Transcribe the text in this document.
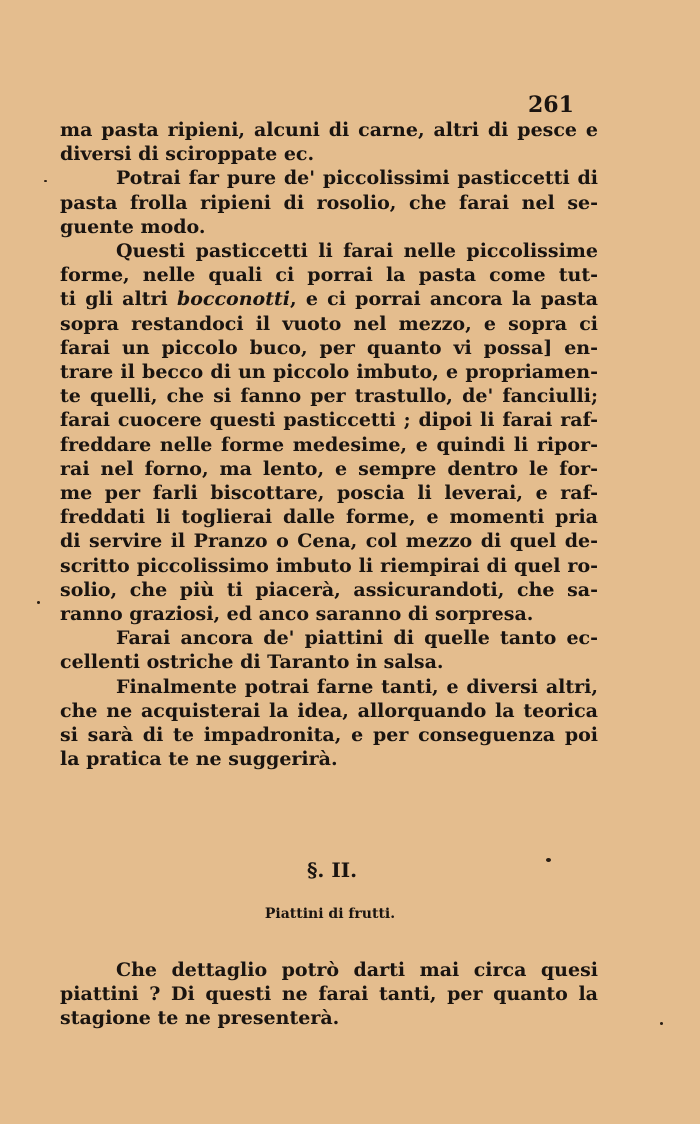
261
ma pasta ripieni, alcuni di carne, altri di pesce e
diversi di sciroppate ec.
Potrai far pure de' piccolissimi pasticcetti di
pasta frolla ripieni di rosolio, che farai nel se-
guente modo.
Questi pasticcetti li farai nelle piccolissime
forme, nelle quali ci porrai la pasta come tut-
ti gli altri bocconotti, e ci porrai ancora la pasta
sopra restandoci il vuoto nel mezzo, e sopra ci
farai un piccolo buco, per quanto vi possa] en-
trare il becco di un piccolo imbuto, e propriamen-
te quelli, che si fanno per trastullo, de' fanciulli;
farai cuocere questi pasticcetti ; dipoi li farai raf-
freddare nelle forme medesime, e quindi li ripor-
rai nel forno, ma lento, e sempre dentro le for-
me per farli biscottare, poscia li leverai, e raf-
freddati li toglierai dalle forme, e momenti pria
di servire il Pranzo o Cena, col mezzo di quel de-
scritto piccolissimo imbuto li riempirai di quel ro-
solio, che più ti piacerà, assicurandoti, che sa-
ranno graziosi, ed anco saranno di sorpresa.
Farai ancora de' piattini di quelle tanto ec-
cellenti ostriche di Taranto in salsa.
Finalmente potrai farne tanti, e diversi altri,
che ne acquisterai la idea, allorquando la teorica
si sarà di te impadronita, e per conseguenza poi
la pratica te ne suggerirà.
§. II.
Piattini di frutti.
Che dettaglio potrò darti mai circa quesi
piattini ? Di questi ne farai tanti, per quanto la
stagione te ne presenterà.
